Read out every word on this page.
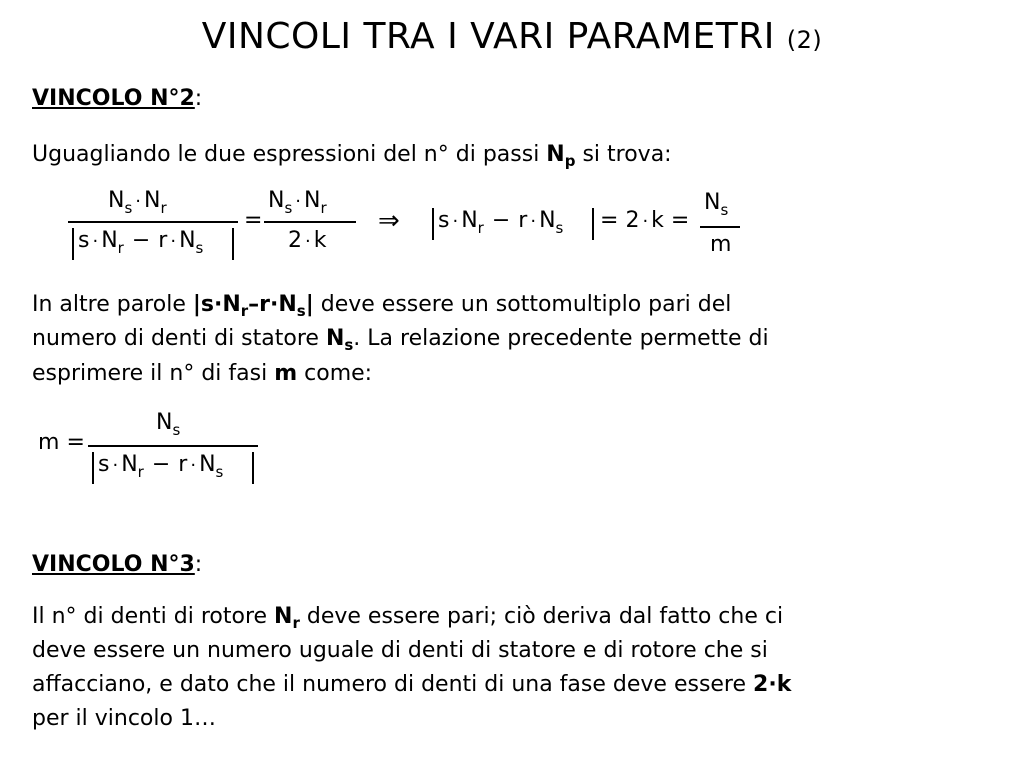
VINCOLI TRA I VARI PARAMETRI (2)
VINCOLO N°2:
Uguagliando le due espressioni del n° di passi $N_p$ si trova:
$N_s \cdot N_r$
$s \cdot N_r - r \cdot N_s$
=
$N_s \cdot N_r$
2 · k
⇒ $s \cdot N_r - r \cdot N_s = 2 \cdot k$ =
$N_s$
m
In altre parole $|s\cdot N_r-r\cdot N_s|$ deve essere un sottomultiplo pari del
numero di denti di statore $N_s$. La relazione precedente permette di
esprimere il n° di fasi m come:
m =
$N_s$
$s \cdot N_r - r \cdot N_s$
VINCOLO N°3:
Il n° di denti di rotore $N_r$ deve essere pari; ciò deriva dal fatto che ci
deve essere un numero uguale di denti di statore e di rotore che si
affacciano, e dato che il numero di denti di una fase deve essere 2·k
per il vincolo 1…
